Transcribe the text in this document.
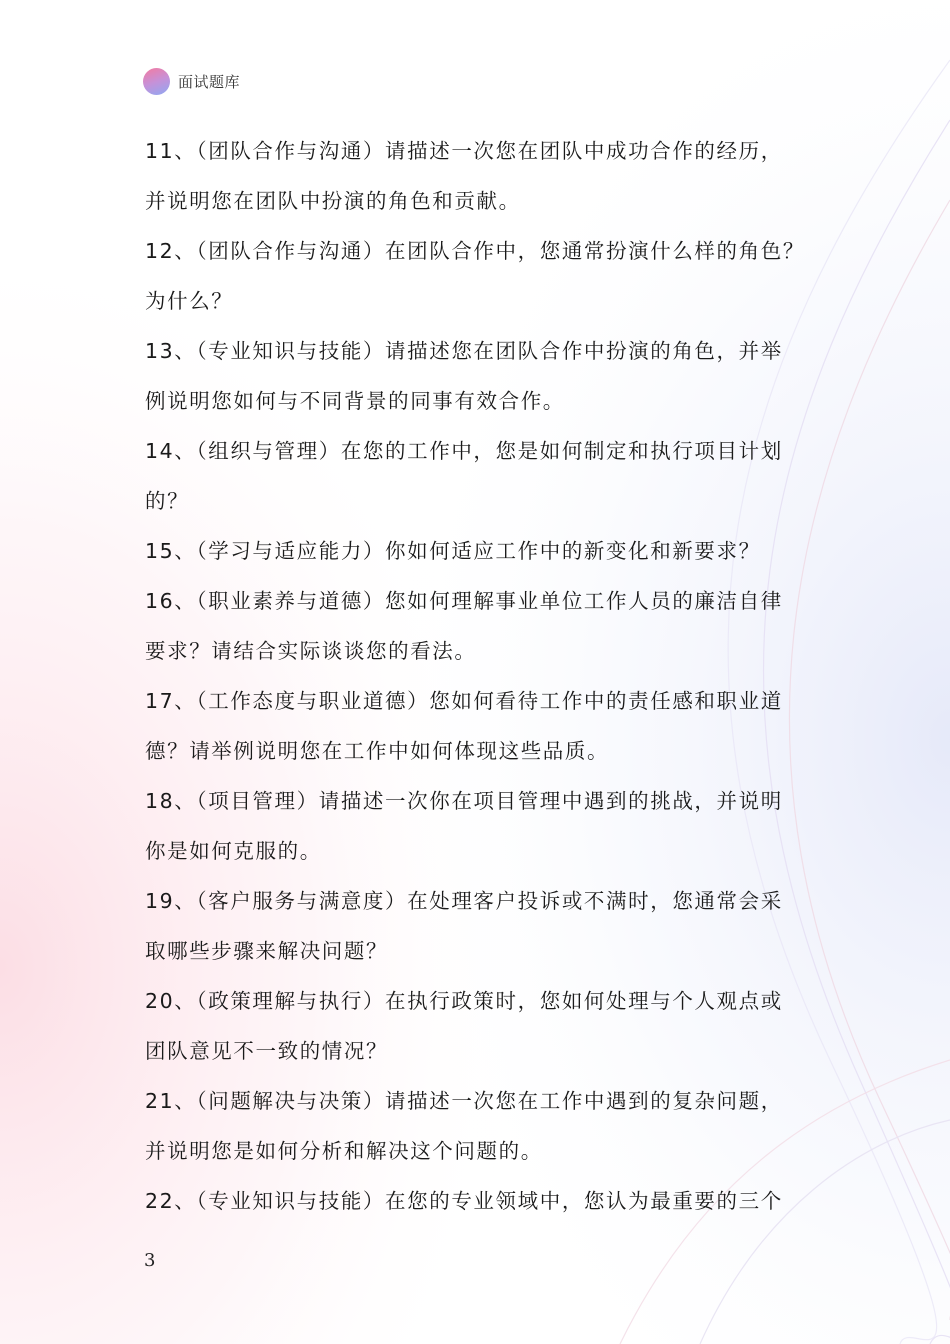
面试题库
11、（团队合作与沟通）请描述一次您在团队中成功合作的经历，
并说明您在团队中扮演的角色和贡献。
12、（团队合作与沟通）在团队合作中，您通常扮演什么样的角色？
为什么？
13、（专业知识与技能）请描述您在团队合作中扮演的角色，并举
例说明您如何与不同背景的同事有效合作。
14、（组织与管理）在您的工作中，您是如何制定和执行项目计划
的？
15、（学习与适应能力）你如何适应工作中的新变化和新要求？
16、（职业素养与道德）您如何理解事业单位工作人员的廉洁自律
要求？请结合实际谈谈您的看法。
17、（工作态度与职业道德）您如何看待工作中的责任感和职业道
德？请举例说明您在工作中如何体现这些品质。
18、（项目管理）请描述一次你在项目管理中遇到的挑战，并说明
你是如何克服的。
19、（客户服务与满意度）在处理客户投诉或不满时，您通常会采
取哪些步骤来解决问题？
20、（政策理解与执行）在执行政策时，您如何处理与个人观点或
团队意见不一致的情况？
21、（问题解决与决策）请描述一次您在工作中遇到的复杂问题，
并说明您是如何分析和解决这个问题的。
22、（专业知识与技能）在您的专业领域中，您认为最重要的三个
3
